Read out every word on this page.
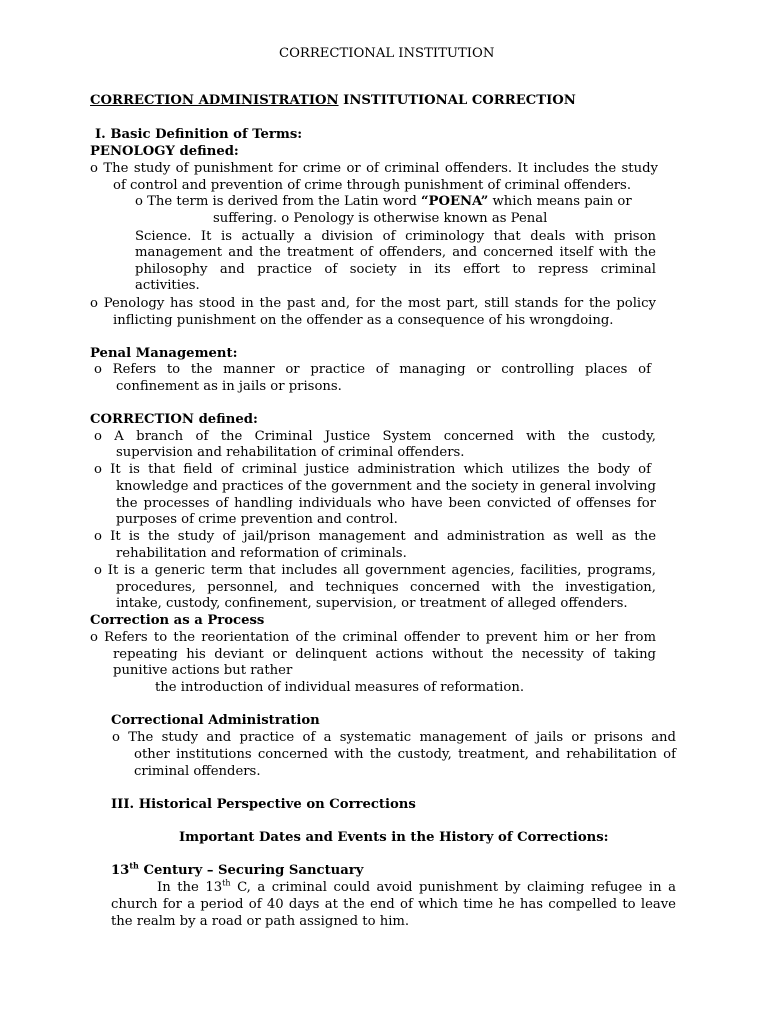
CORRECTIONAL INSTITUTION
CORRECTION ADMINISTRATION INSTITUTIONAL CORRECTION
I. Basic Definition of Terms:
PENOLOGY defined:
o The study of punishment for crime or of criminal offenders. It includes the study
of control and prevention of crime through punishment of criminal offenders.
o The term is derived from the Latin word “POENA” which means pain or
suffering. o Penology is otherwise known as Penal
Science. It is actually a division of criminology that deals with prison
management and the treatment of offenders, and concerned itself with the
philosophy and practice of society in its effort to repress criminal
activities.
o Penology has stood in the past and, for the most part, still stands for the policy
inflicting punishment on the offender as a consequence of his wrongdoing.
Penal Management:
o Refers to the manner or practice of managing or controlling places of
confinement as in jails or prisons.
CORRECTION defined:
o A branch of the Criminal Justice System concerned with the custody,
supervision and rehabilitation of criminal offenders.
o It is that field of criminal justice administration which utilizes the body of
knowledge and practices of the government and the society in general involving
the processes of handling individuals who have been convicted of offenses for
purposes of crime prevention and control.
o It is the study of jail/prison management and administration as well as the
rehabilitation and reformation of criminals.
o It is a generic term that includes all government agencies, facilities, programs,
procedures, personnel, and techniques concerned with the investigation,
intake, custody, confinement, supervision, or treatment of alleged offenders.
Correction as a Process
o Refers to the reorientation of the criminal offender to prevent him or her from
repeating his deviant or delinquent actions without the necessity of taking
punitive actions but rather
the introduction of individual measures of reformation.
Correctional Administration
o The study and practice of a systematic management of jails or prisons and
other institutions concerned with the custody, treatment, and rehabilitation of
criminal offenders.
III. Historical Perspective on Corrections
Important Dates and Events in the History of Corrections:
13th Century – Securing Sanctuary
In the 13th C, a criminal could avoid punishment by claiming refugee in a
church for a period of 40 days at the end of which time he has compelled to leave
the realm by a road or path assigned to him.
